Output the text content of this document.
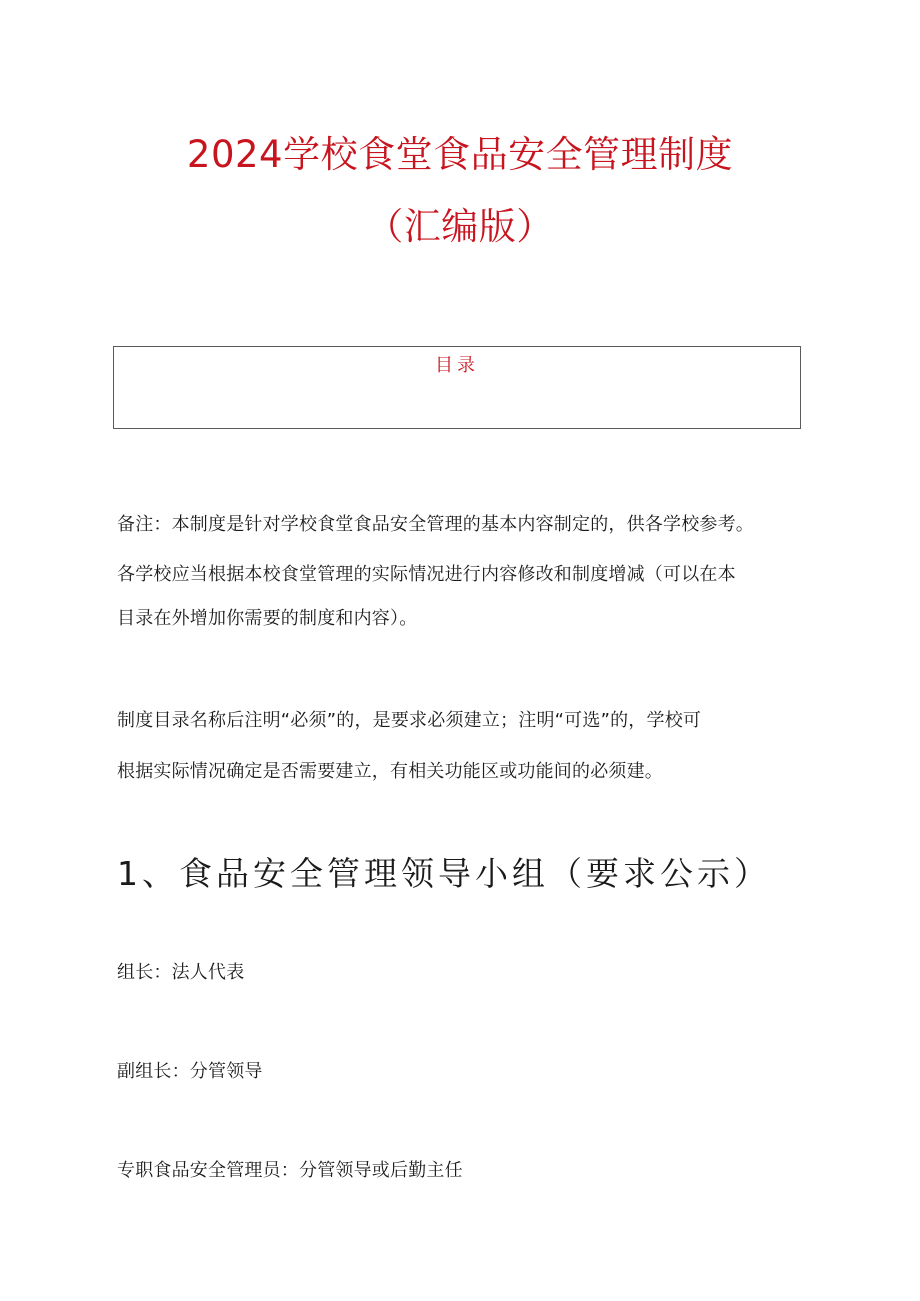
2024学校食堂食品安全管理制度
（汇编版）
目录
备注：本制度是针对学校食堂食品安全管理的基本内容制定的，供各学校参考。
各学校应当根据本校食堂管理的实际情况进行内容修改和制度增减（可以在本
目录在外增加你需要的制度和内容）。
制度目录名称后注明“必须”的，是要求必须建立；注明“可选”的，学校可
根据实际情况确定是否需要建立，有相关功能区或功能间的必须建。
1、食品安全管理领导小组（要求公示）
组长：法人代表
副组长：分管领导
专职食品安全管理员：分管领导或后勤主任
